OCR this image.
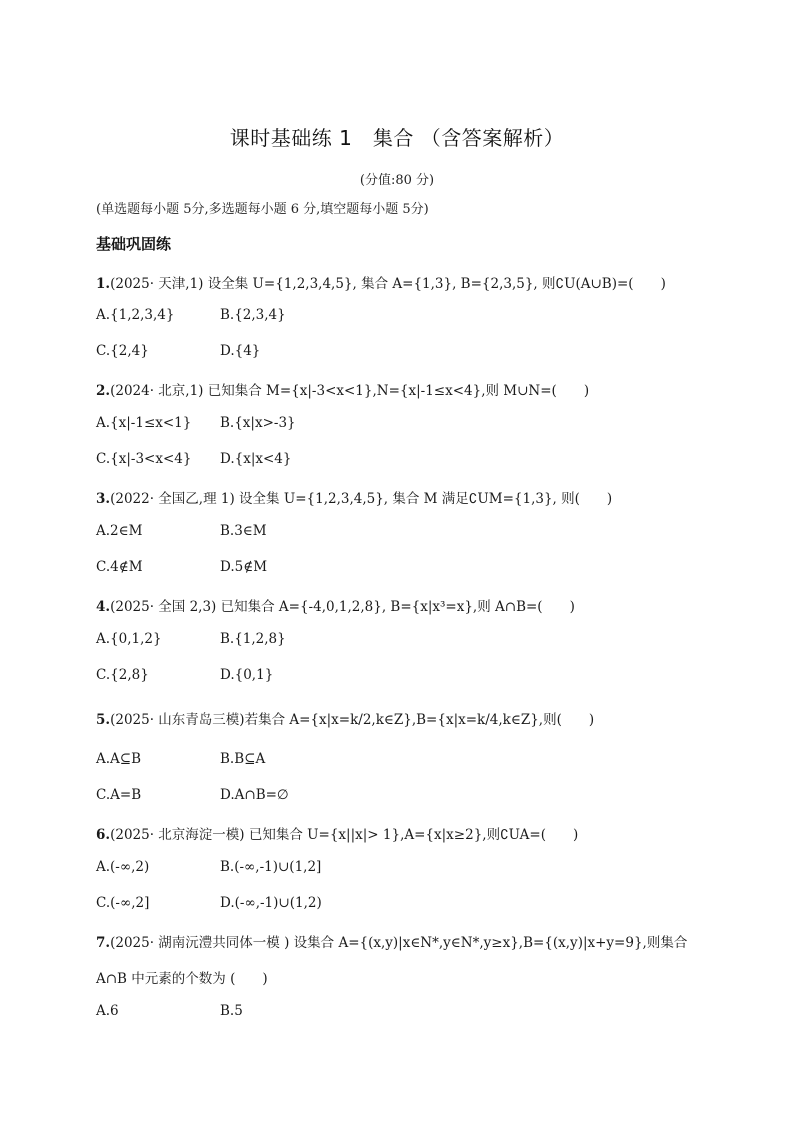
课时基础练 1　集合 （含答案解析）
(分值:80 分)
(单选题每小题 5分,多选题每小题 6 分,填空题每小题 5分)
基础巩固练
1.(2025· 天津,1) 设全集 U={1,2,3,4,5}, 集合 A={1,3}, B={2,3,5}, 则∁U(A∪B)=(　　)
A.{1,2,3,4}	B.{2,3,4}
C.{2,4}	D.{4}
2.(2024· 北京,1) 已知集合 M={x|-3<x<1},N={x|-1≤x<4},则 M∪N=(　　)
A.{x|-1≤x<1} B.{x|x>-3}
C.{x|-3<x<4} D.{x|x<4}
3.(2022· 全国乙,理 1) 设全集 U={1,2,3,4,5}, 集合 M 满足∁UM={1,3}, 则(　　)
A.2∈M	B.3∈M
C.4∉M	D.5∉M
4.(2025· 全国 2,3) 已知集合 A={-4,0,1,2,8}, B={x|x³=x},则 A∩B=(　　)
A.{0,1,2}	B.{1,2,8}
C.{2,8}	D.{0,1}
5.(2025· 山东青岛三模)若集合 A={x|x=k/2,k∈Z},B={x|x=k/4,k∈Z},则(　　)
A.A⊆B	B.B⊆A
C.A=B	D.A∩B=∅
6.(2025· 北京海淀一模) 已知集合 U={x||x|> 1},A={x|x≥2},则∁UA=(　　)
A.(-∞,2)	B.(-∞,-1)∪(1,2]
C.(-∞,2]	D.(-∞,-1)∪(1,2)
7.(2025· 湖南沅澧共同体一模 ) 设集合 A={(x,y)|x∈N*,y∈N*,y≥x},B={(x,y)|x+y=9},则集合
A∩B 中元素的个数为 (　　)
A.6	B.5
